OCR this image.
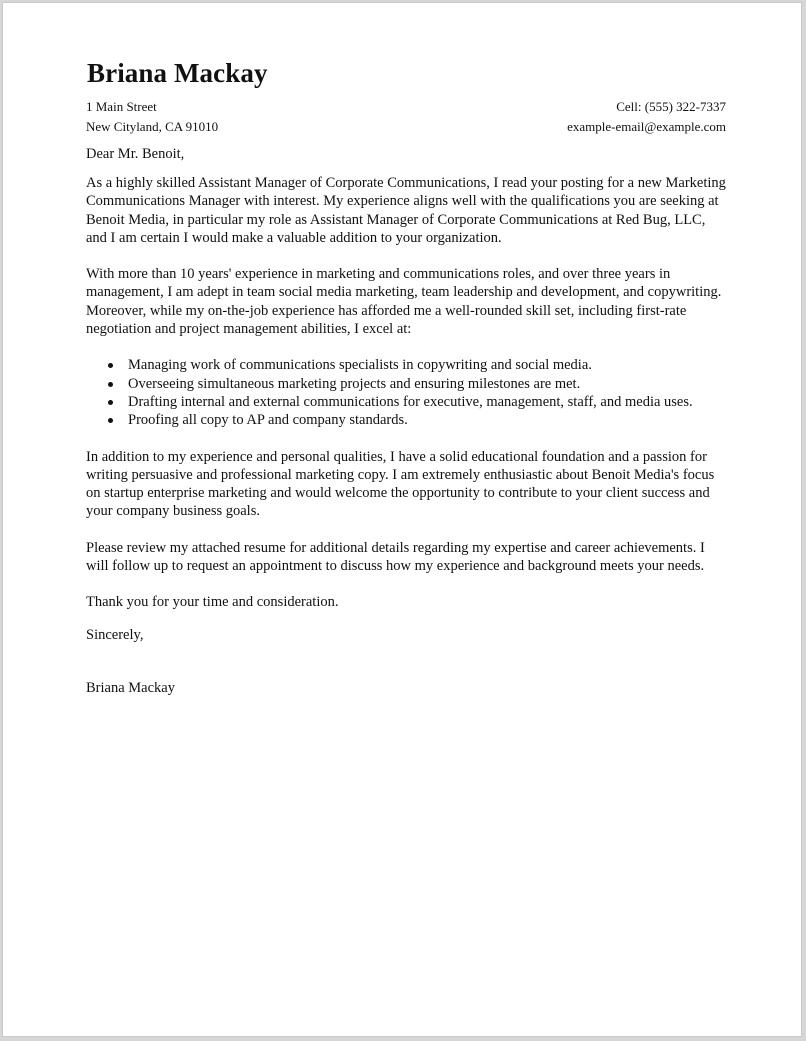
Briana Mackay
1 Main Street	Cell: (555) 322-7337
New Cityland, CA 91010	example-email@example.com
Dear Mr. Benoit,

As a highly skilled Assistant Manager of Corporate Communications, I read your posting for a new Marketing Communications Manager with interest. My experience aligns well with the qualifications you are seeking at Benoit Media, in particular my role as Assistant Manager of Corporate Communications at Red Bug, LLC, and I am certain I would make a valuable addition to your organization.

With more than 10 years' experience in marketing and communications roles, and over three years in management, I am adept in team social media marketing, team leadership and development, and copywriting. Moreover, while my on-the-job experience has afforded me a well-rounded skill set, including first-rate negotiation and project management abilities, I excel at:

Managing work of communications specialists in copywriting and social media.
Overseeing simultaneous marketing projects and ensuring milestones are met.
Drafting internal and external communications for executive, management, staff, and media uses.
Proofing all copy to AP and company standards.

In addition to my experience and personal qualities, I have a solid educational foundation and a passion for writing persuasive and professional marketing copy. I am extremely enthusiastic about Benoit Media's focus on startup enterprise marketing and would welcome the opportunity to contribute to your client success and your company business goals.

Please review my attached resume for additional details regarding my expertise and career achievements. I will follow up to request an appointment to discuss how my experience and background meets your needs.

Thank you for your time and consideration.

Sincerely,
Briana Mackay
